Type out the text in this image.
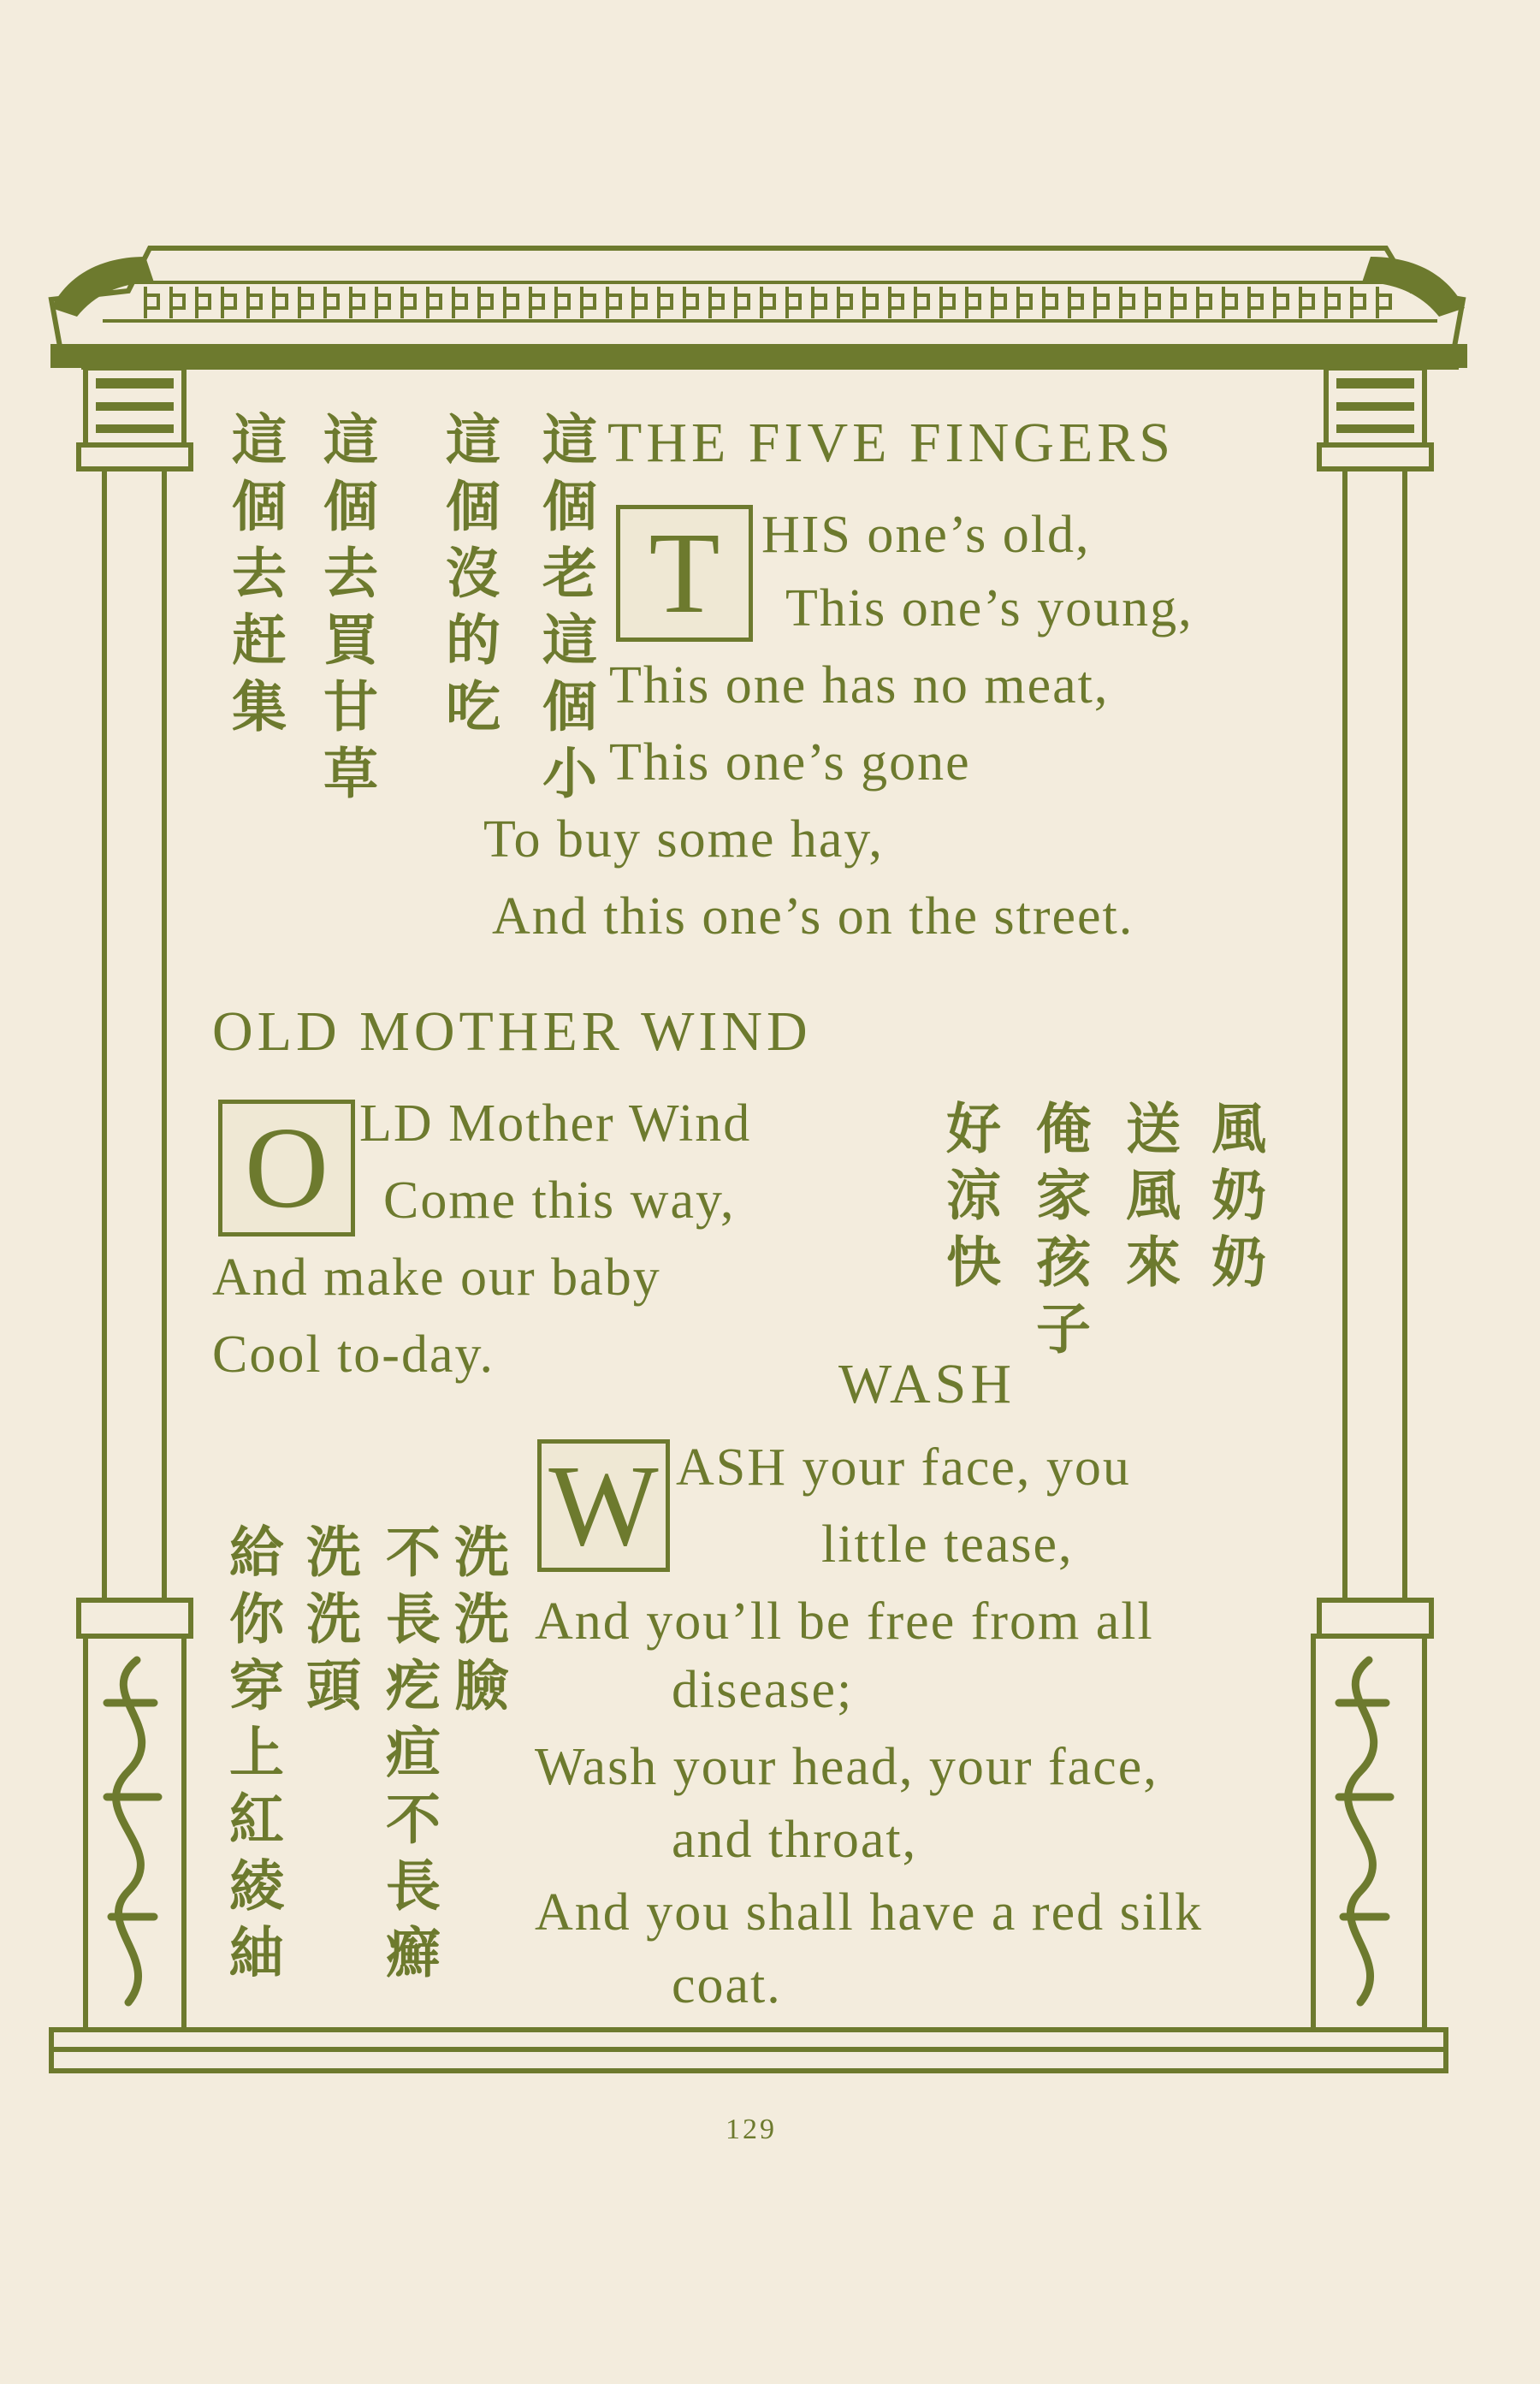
THE FIVE FINGERS
T HIS one’s old,
This one’s young,
This one has no meat,
This one’s gone
To buy some hay,
And this one’s on the street.
這個老這個小
這個沒的吃
這個去買甘草
這個去赶集
OLD MOTHER WIND
O LD Mother Wind
Come this way,
And make our baby
Cool to-day.
風奶奶
送風來
俺家孩子
好涼快
WASH
W ASH your face, you
little tease,
And you’ll be free from all
disease;
Wash your head, your face,
and throat,
And you shall have a red silk
coat.
洗洗臉
不長疙疸不長癬
洗洗頭
給你穿上紅綾紬
129
